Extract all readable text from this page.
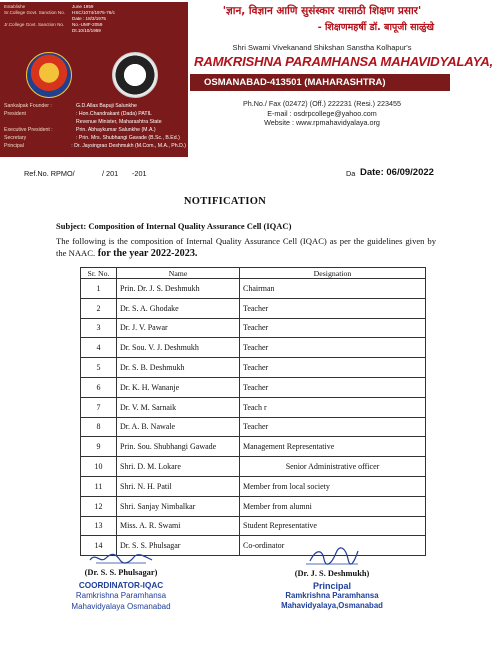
Establishe	June 1959
Sr.College Govt. Sanction No.	HSC/1074/1975-76/c
Date : 18/3/1975
Jr.College Govt. Sanction No.	No.-UMF-2059
Dt.10/10/1959
Sankalpak Founder :	G.D.Allas Bapuji Salunkhe
President	: Hon.Chandrakant (Dada) PATIL
Revenue Minister, Maharashtra State
Executive President :	Prin. Abhaykumar Salunkhe (M.A.)
Secretary	: Prin. Mrs. Shubhangi Gavade (B.Sc., B.Ed.)
Principal	: Dr. Jaysingrao Deshmukh (M.Com., M.A., Ph.D.)
'ज्ञान, विज्ञान आणि सुसंस्कार यासाठी शिक्षण प्रसार'
- शिक्षणमहर्षी डॉ. बापूजी साळुंखे
Shri Swami Vivekanand Shikshan Sanstha Kolhapur's
RAMKRISHNA PARAMHANSA MAHAVIDYALAYA,
OSMANABAD-413501 (MAHARASHTRA)
Ph.No./ Fax (02472) (Off.) 222231 (Resi.) 223455
E-mail : osdrpcollege@yahoo.com
Website : www.rpmahavidyalaya.org
Ref.No. RPMO/	/ 201 -201	Da Date: 06/09/2022
NOTIFICATION
Subject: Composition of Internal Quality Assurance Cell (IQAC)
The following is the composition of Internal Quality Assurance Cell (IQAC) as per the guidelines given by the NAAC. for the year 2022-2023.
Sr. No.	Name	Designation
1	Prin. Dr. J. S. Deshmukh	Chairman
2	Dr. S. A. Ghodake	Teacher
3	Dr. J. V. Pawar	Teacher
4	Dr. Sou. V. J. Deshmukh	Teacher
5	Dr. S. B. Deshmukh	Teacher
6	Dr. K. H. Wananje	Teacher
7	Dr. V. M. Sarnaik	Teach r
8	Dr. A. B. Nawale	Teacher
9	Prin. Sou. Shubhangi Gawade	Management Representative
10	Shri. D. M. Lokare	Senior Administrative officer
11	Shri. N. H. Patil	Member from local society
12	Shri. Sanjay Nimbalkar	Member from alumni
13	Miss. A. R. Swami	Student Representative
14	Dr. S. S. Phulsagar	Co-ordinator
(Dr. S. S. Phulsagar)
COORDINATOR-IQAC
Ramkrishna Paramhansa
Mahavidyalaya Osmanabad
(Dr. J. S. Deshmukh)
Principal
Ramkrishna Paramhansa
Mahavidyalaya,Osmanabad
